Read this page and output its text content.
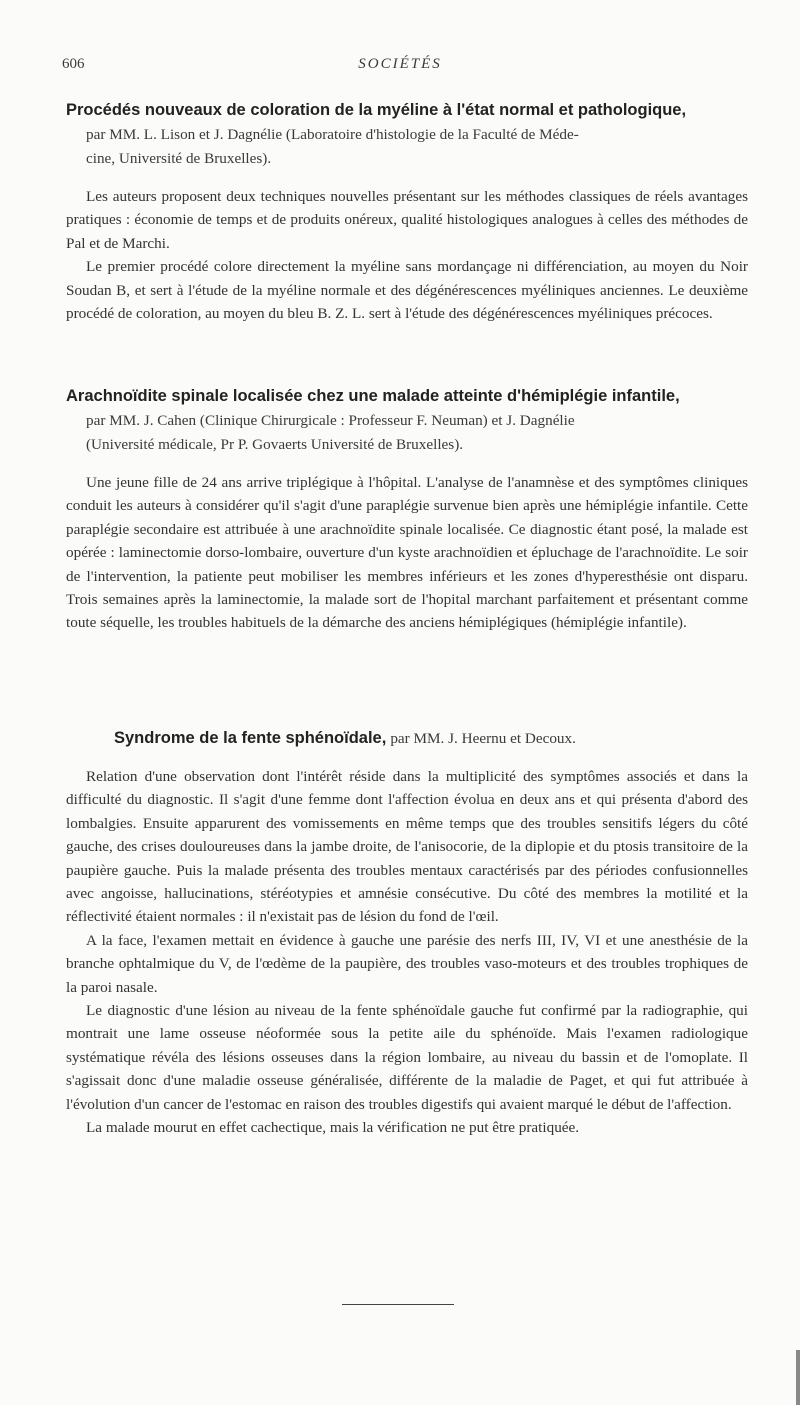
606	SOCIÉTÉS

Procédés nouveaux de coloration de la myéline à l'état normal et pathologique,

par MM. L. Lison et J. Dagnélie (Laboratoire d'histologie de la Faculté de Méde-
cine, Université de Bruxelles).

Les auteurs proposent deux techniques nouvelles présentant sur les méthodes classiques de réels avantages pratiques : économie de temps et de produits onéreux, qualité histologiques analogues à celles des méthodes de Pal et de Marchi.

Le premier procédé colore directement la myéline sans mordançage ni différenciation, au moyen du Noir Soudan B, et sert à l'étude de la myéline normale et des dégénérescences myéliniques anciennes. Le deuxième procédé de coloration, au moyen du bleu B. Z. L. sert à l'étude des dégénérescences myéliniques précoces.

Arachnoïdite spinale localisée chez une malade atteinte d'hémiplégie infantile,

par MM. J. Cahen (Clinique Chirurgicale : Professeur F. Neuman) et J. Dagnélie
(Université médicale, Pr P. Govaerts Université de Bruxelles).

Une jeune fille de 24 ans arrive triplégique à l'hôpital. L'analyse de l'anamnèse et des symptômes cliniques conduit les auteurs à considérer qu'il s'agit d'une paraplégie survenue bien après une hémiplégie infantile. Cette paraplégie secondaire est attribuée à une arachnoïdite spinale localisée. Ce diagnostic étant posé, la malade est opérée : laminectomie dorso-lombaire, ouverture d'un kyste arachnoïdien et épluchage de l'arachnoïdite. Le soir de l'intervention, la patiente peut mobiliser les membres inférieurs et les zones d'hyperesthésie ont disparu. Trois semaines après la laminectomie, la malade sort de l'hopital marchant parfaitement et présentant comme toute séquelle, les troubles habituels de la démarche des anciens hémiplégiques (hémiplégie infantile).

Syndrome de la fente sphénoïdale, par MM. J. Heernu et Decoux.

Relation d'une observation dont l'intérêt réside dans la multiplicité des symptômes associés et dans la difficulté du diagnostic. Il s'agit d'une femme dont l'affection évolua en deux ans et qui présenta d'abord des lombalgies. Ensuite apparurent des vomissements en même temps que des troubles sensitifs légers du côté gauche, des crises douloureuses dans la jambe droite, de l'anisocorie, de la diplopie et du ptosis transitoire de la paupière gauche. Puis la malade présenta des troubles mentaux caractérisés par des périodes confusionnelles avec angoisse, hallucinations, stéréotypies et amnésie consécutive. Du côté des membres la motilité et la réflectivité étaient normales : il n'existait pas de lésion du fond de l'œil.

A la face, l'examen mettait en évidence à gauche une parésie des nerfs III, IV, VI et une anesthésie de la branche ophtalmique du V, de l'œdème de la paupière, des troubles vaso-moteurs et des troubles trophiques de la paroi nasale.

Le diagnostic d'une lésion au niveau de la fente sphénoïdale gauche fut confirmé par la radiographie, qui montrait une lame osseuse néoformée sous la petite aile du sphénoïde. Mais l'examen radiologique systématique révéla des lésions osseuses dans la région lombaire, au niveau du bassin et de l'omoplate. Il s'agissait donc d'une maladie osseuse généralisée, différente de la maladie de Paget, et qui fut attribuée à l'évolution d'un cancer de l'estomac en raison des troubles digestifs qui avaient marqué le début de l'affection.

La malade mourut en effet cachectique, mais la vérification ne put être pratiquée.
